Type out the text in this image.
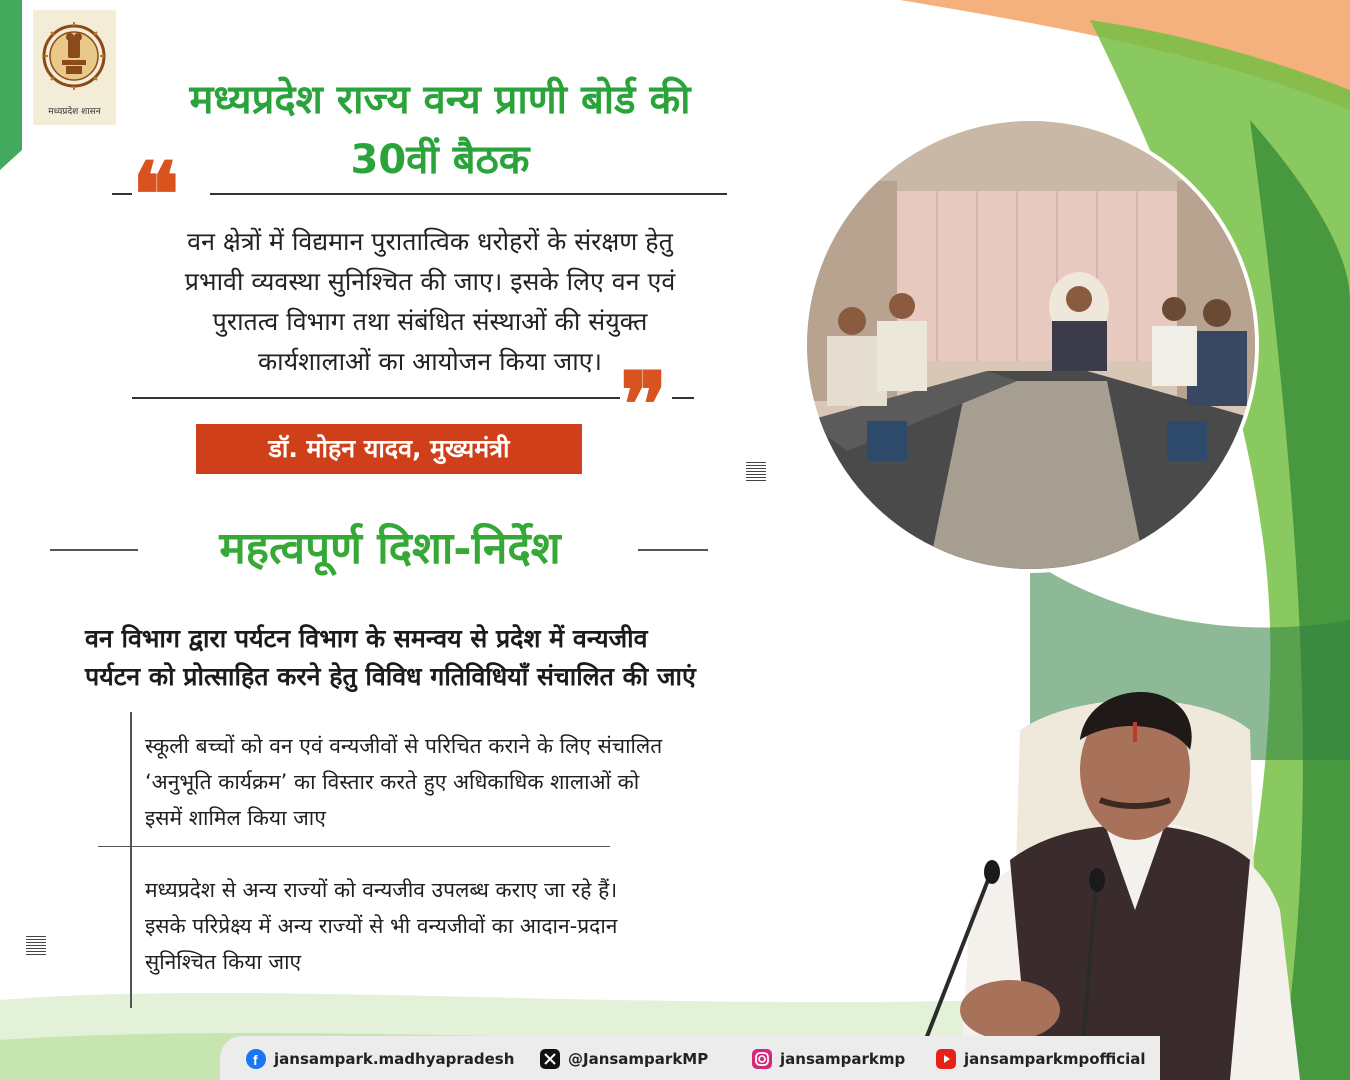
मध्यप्रदेश शासन	मध्यप्रदेश राज्य वन्य प्राणी बोर्ड की
30वीं बैठक
❝ वन क्षेत्रों में विद्यमान पुरातात्विक धरोहरों के संरक्षण हेतु
प्रभावी व्यवस्था सुनिश्चित की जाए। इसके लिए वन एवं
पुरातत्व विभाग तथा संबंधित संस्थाओं की संयुक्त
कार्यशालाओं का आयोजन किया जाए। ❞
डॉ. मोहन यादव, मुख्यमंत्री
महत्वपूर्ण दिशा-निर्देश
वन विभाग द्वारा पर्यटन विभाग के समन्वय से प्रदेश में वन्यजीव
पर्यटन को प्रोत्साहित करने हेतु विविध गतिविधियाँ संचालित की जाएं
स्कूली बच्चों को वन एवं वन्यजीवों से परिचित कराने के लिए संचालित
‘अनुभूति कार्यक्रम’ का विस्तार करते हुए अधिकाधिक शालाओं को
इसमें शामिल किया जाए
मध्यप्रदेश से अन्य राज्यों को वन्यजीव उपलब्ध कराए जा रहे हैं।
इसके परिप्रेक्ष्य में अन्य राज्यों से भी वन्यजीवों का आदान-प्रदान
सुनिश्चित किया जाए
f jansampark.madhyapradesh	@JansamparkMP	jansamparkmp	jansamparkmpofficial
